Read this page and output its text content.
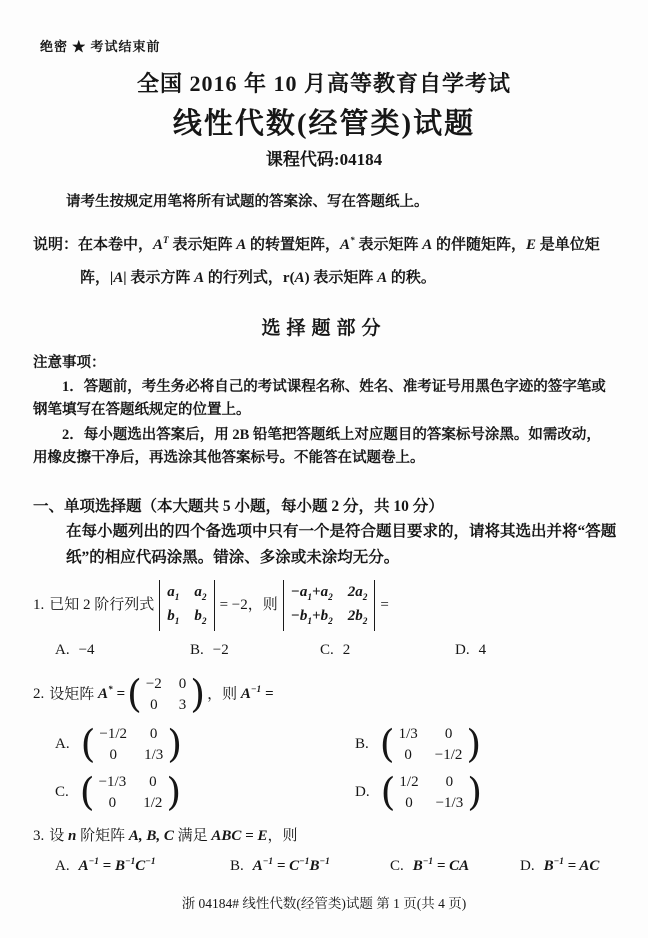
绝密 ★ 考试结束前
全国 2016 年 10 月高等教育自学考试
线性代数(经管类)试题
课程代码:04184

请考生按规定用笔将所有试题的答案涂、写在答题纸上。

说明：在本卷中，$A^T$ 表示矩阵 A 的转置矩阵，A* 表示矩阵 A 的伴随矩阵，E 是单位矩阵，|A| 表示方阵 A 的行列式，r(A) 表示矩阵 A 的秩。
选择题部分

注意事项：

1．答题前，考生务必将自己的考试课程名称、姓名、准考证号用黑色字迹的签字笔或钢笔填写在答题纸规定的位置上。

2．每小题选出答案后，用 2B 铅笔把答题纸上对应题目的答案标号涂黑。如需改动，用橡皮擦干净后，再选涂其他答案标号。不能答在试题卷上。

一、单项选择题（本大题共 5 小题，每小题 2 分，共 10 分）
在每小题列出的四个备选项中只有一个是符合题目要求的，请将其选出并将“答题纸”的相应代码涂黑。错涂、多涂或未涂均无分。
1. 已知 2 阶行列式
$a_1$ $a_2$
$b_1$ $b_2$
= −2，则
$-a_1+a_2$ $2a_2$
$-b_1+b_2$ $2b_2$
=
A. −4	B. −2	C. 2	D. 4
2. 设矩阵 A* = ( −2 0
0 3 ) ，则 $A^{-1}$ =
A. ( −1/2	0
0	1/3 )	B. ( 1/3	0
0	−1/2 )
C. ( −1/3	0
0	1/2 )	D. ( 1/2	0
0	−1/3 )
3. 设 n 阶矩阵 A, B, C 满足 ABC = E，则
A. $A^{-1} = B^{-1}C^{-1}$	B. $A^{-1} = C^{-1}B^{-1}$	C. $B^{-1}$ = CA	D. $B^{-1}$ = AC
浙 04184# 线性代数(经管类)试题 第 1 页(共 4 页)
